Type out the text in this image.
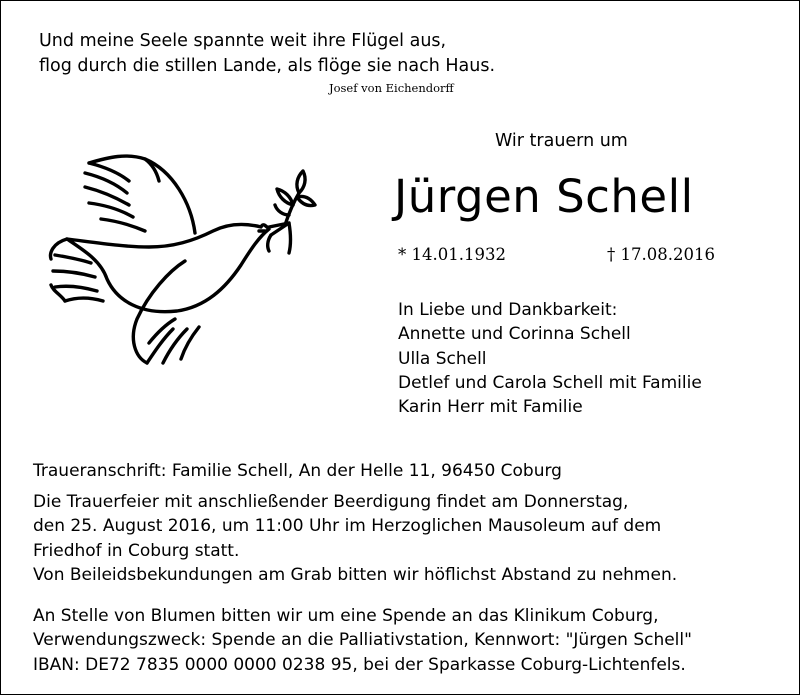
Und meine Seele spannte weit ihre Flügel aus,
flog durch die stillen Lande, als flöge sie nach Haus.
Josef von Eichendorff
Wir trauern um
Jürgen Schell
* 14.01.1932	† 17.08.2016
In Liebe und Dankbarkeit:
Annette und Corinna Schell
Ulla Schell
Detlef und Carola Schell mit Familie
Karin Herr mit Familie
Traueranschrift: Familie Schell, An der Helle 11, 96450 Coburg
Die Trauerfeier mit anschließender Beerdigung findet am Donnerstag,
den 25. August 2016, um 11:00 Uhr im Herzoglichen Mausoleum auf dem
Friedhof in Coburg statt.
Von Beileidsbekundungen am Grab bitten wir höflichst Abstand zu nehmen.
An Stelle von Blumen bitten wir um eine Spende an das Klinikum Coburg,
Verwendungszweck: Spende an die Palliativstation, Kennwort: "Jürgen Schell"
IBAN: DE72 7835 0000 0000 0238 95, bei der Sparkasse Coburg-Lichtenfels.
